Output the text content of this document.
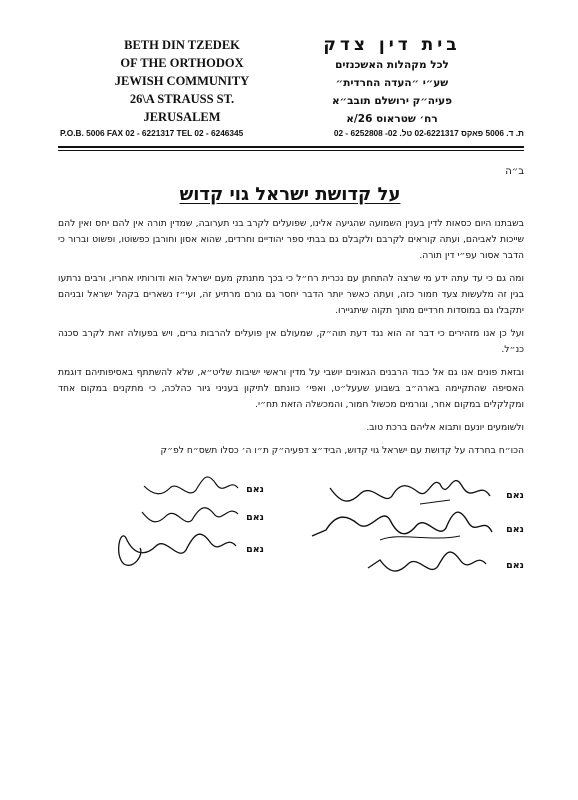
BETH DIN TZEDEK
OF THE ORTHODOX
JEWISH COMMUNITY
26\A STRAUSS ST.
JERUSALEM
בית דין צדק
לכל מקהלות האשכנזים
שע״י ״העדה החרדית״
פעיה״ק ירושלם תובב״א
רח׳ שטראוס 26/א
P.O.B. 5006 FAX 02 - 6221317 TEL 02 - 6246345	ת. ד. 5006 פאקס 02-6221317 טל. 02- 6252808 - 02
ב״ה
על קדושת ישראל גוי קדוש

בשבתנו היום כסאות לדין בענין השמועה שהגיעה אלינו, שפועלים לקרב בני תערובה, שמדין תורה אין להם יחס ואין להם שייכות לאביהם, ועתה קוראים לקרבם ולקבלם גם בבתי ספר יהודיים וחרדים, שהוא אסון וחורבן כפשוטו, ופשוט וברור כי הדבר אסור עפ״י דין תורה.

ומה גם כי עד עתה ידע מי שרצה להתחתן עם נכרית רח״ל כי בכך מתנתק מעם ישראל הוא ודורותיו אחריו, ורבים נרתעו בגין זה מלעשות צעד חמור כזה, ועתה כאשר יותר הדבר יחסר גם גורם מרתיע זה, ועי״ז נשארים בקהל ישראל ובניהם יתקבלו גם במוסדות חרדיים מתוך תקוה שיתגיירו.

ועל כן אנו מזהירים כי דבר זה הוא נגד דעת תוה״ק, שמעולם אין פועלים להרבות גרים, ויש בפעולה זאת לקרב סכנה כנ״ל.

ובזאת פונים אנו גם אל כבוד הרבנים הגאונים יושבי על מדין וראשי ישיבות שליט״א, שלא להשתתף באסיפותיהם דוגמת האסיפה שהתקיימה בארה״ב בשבוע שעעל״ט, ואפי׳ כוונתם לתיקון בעניני גיור כהלכה, כי מתקנים במקום אחד ומקלקלים במקום אחר, וגורמים מכשול חמור, והמכשלה הזאת תח״י.

ולשומעים יונעם ותבוא אליהם ברכת טוב.

הכו״ח בחרדה על קדושת עם ישראל גוי קדוש, הביד״צ דפעיה״ק ת״ו ה׳ כסלו תשס״ח לפ״ק

נאם
נאם
נאם
נאם
נאם
נאם
